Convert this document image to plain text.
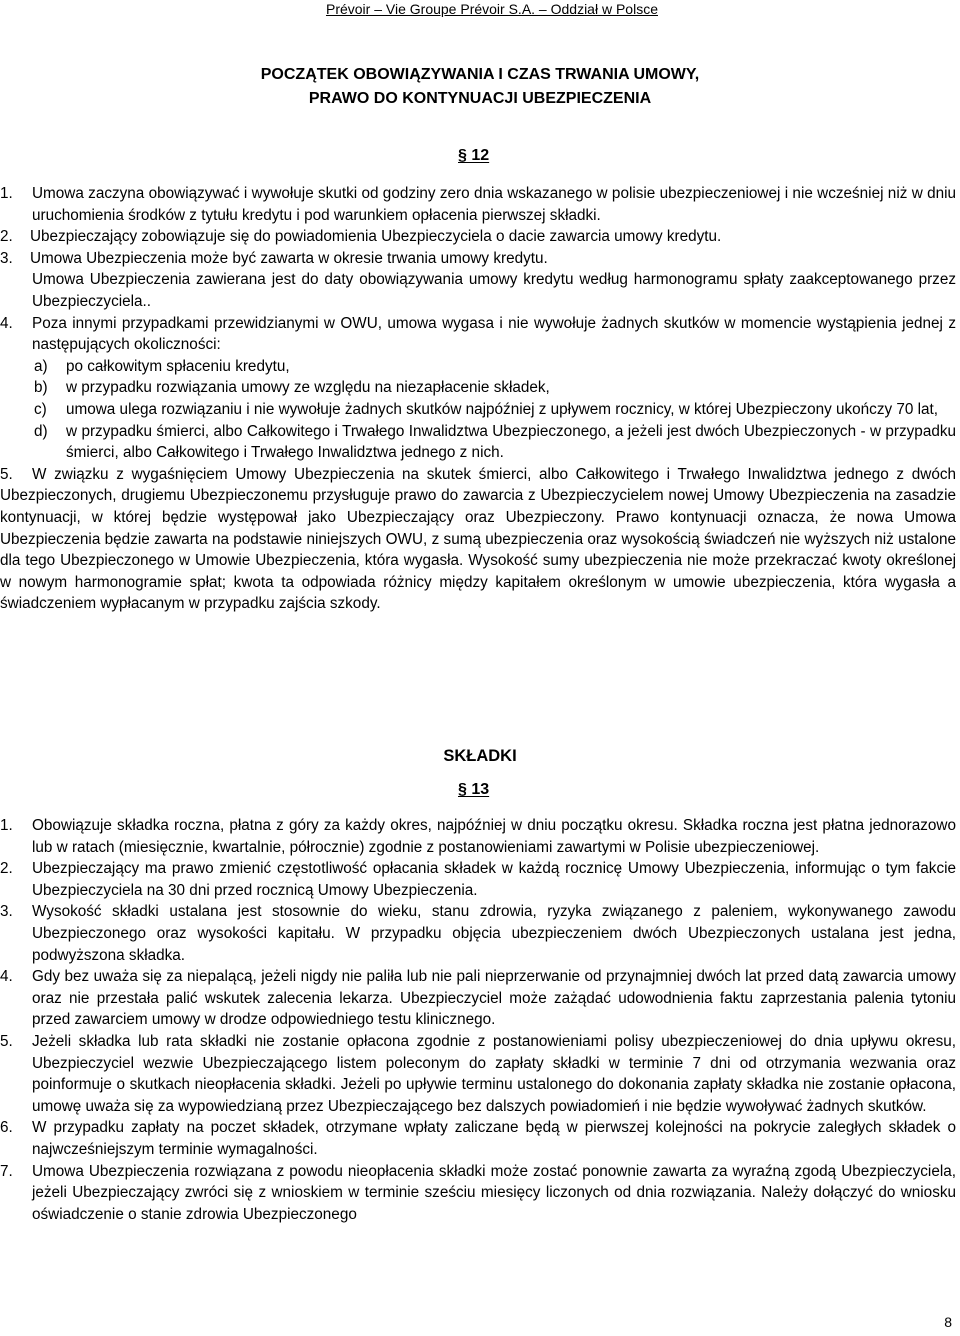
Prévoir – Vie Groupe Prévoir S.A. – Oddział w Polsce
POCZĄTEK OBOWIĄZYWANIA I CZAS TRWANIA UMOWY,
PRAWO DO KONTYNUACJI UBEZPIECZENIA
§ 12
1. Umowa zaczyna obowiązywać i wywołuje skutki od godziny zero dnia wskazanego w polisie ubezpieczeniowej i nie wcześniej niż w dniu uruchomienia środków z tytułu kredytu i pod warunkiem opłacenia pierwszej składki.
2. Ubezpieczający zobowiązuje się do powiadomienia Ubezpieczyciela o dacie zawarcia umowy kredytu.
3. Umowa Ubezpieczenia może być zawarta w okresie trwania umowy kredytu.
Umowa Ubezpieczenia zawierana jest do daty obowiązywania umowy kredytu według harmonogramu spłaty zaakceptowanego przez Ubezpieczyciela..
4. Poza innymi przypadkami przewidzianymi w OWU, umowa wygasa i nie wywołuje żadnych skutków w momencie wystąpienia jednej z następujących okoliczności:
a) po całkowitym spłaceniu kredytu,
b) w przypadku rozwiązania umowy ze względu na niezapłacenie składek,
c) umowa ulega rozwiązaniu i nie wywołuje żadnych skutków najpóźniej z upływem rocznicy, w której Ubezpieczony ukończy 70 lat,
d) w przypadku śmierci, albo Całkowitego i Trwałego Inwalidztwa Ubezpieczonego, a jeżeli jest dwóch Ubezpieczonych - w przypadku śmierci, albo Całkowitego i Trwałego Inwalidztwa jednego z nich.
5. W związku z wygaśnięciem Umowy Ubezpieczenia na skutek śmierci, albo Całkowitego i Trwałego Inwalidztwa jednego z dwóch Ubezpieczonych, drugiemu Ubezpieczonemu przysługuje prawo do zawarcia z Ubezpieczycielem nowej Umowy Ubezpieczenia na zasadzie kontynuacji, w której będzie występował jako Ubezpieczający oraz Ubezpieczony. Prawo kontynuacji oznacza, że nowa Umowa Ubezpieczenia będzie zawarta na podstawie niniejszych OWU, z sumą ubezpieczenia oraz wysokością świadczeń nie wyższych niż ustalone dla tego Ubezpieczonego w Umowie Ubezpieczenia, która wygasła. Wysokość sumy ubezpieczenia nie może przekraczać kwoty określonej w nowym harmonogramie spłat; kwota ta odpowiada różnicy między kapitałem określonym w umowie ubezpieczenia, która wygasła a świadczeniem wypłacanym w przypadku zajścia szkody.
SKŁADKI
§ 13
1. Obowiązuje składka roczna, płatna z góry za każdy okres, najpóźniej w dniu początku okresu. Składka roczna jest płatna jednorazowo lub w ratach (miesięcznie, kwartalnie, półrocznie) zgodnie z postanowieniami zawartymi w Polisie ubezpieczeniowej.
2. Ubezpieczający ma prawo zmienić częstotliwość opłacania składek w każdą rocznicę Umowy Ubezpieczenia, informując o tym fakcie Ubezpieczyciela na 30 dni przed rocznicą Umowy Ubezpieczenia.
3. Wysokość składki ustalana jest stosownie do wieku, stanu zdrowia, ryzyka związanego z paleniem, wykonywanego zawodu Ubezpieczonego oraz wysokości kapitału. W przypadku objęcia ubezpieczeniem dwóch Ubezpieczonych ustalana jest jedna, podwyższona składka.
4. Gdy bez uważa się za niepalącą, jeżeli nigdy nie paliła lub nie pali nieprzerwanie od przynajmniej dwóch lat przed datą zawarcia umowy oraz nie przestała palić wskutek zalecenia lekarza. Ubezpieczyciel może zażądać udowodnienia faktu zaprzestania palenia tytoniu przed zawarciem umowy w drodze odpowiedniego testu klinicznego.
5. Jeżeli składka lub rata składki nie zostanie opłacona zgodnie z postanowieniami polisy ubezpieczeniowej do dnia upływu okresu, Ubezpieczyciel wezwie Ubezpieczającego listem poleconym do zapłaty składki w terminie 7 dni od otrzymania wezwania oraz poinformuje o skutkach nieopłacenia składki. Jeżeli po upływie terminu ustalonego do dokonania zapłaty składka nie zostanie opłacona, umowę uważa się za wypowiedzianą przez Ubezpieczającego bez dalszych powiadomień i nie będzie wywoływać żadnych skutków.
6. W przypadku zapłaty na poczet składek, otrzymane wpłaty zaliczane będą w pierwszej kolejności na pokrycie zaległych składek o najwcześniejszym terminie wymagalności.
7. Umowa Ubezpieczenia rozwiązana z powodu nieopłacenia składki może zostać ponownie zawarta za wyraźną zgodą Ubezpieczyciela, jeżeli Ubezpieczający zwróci się z wnioskiem w terminie sześciu miesięcy liczonych od dnia rozwiązania. Należy dołączyć do wniosku oświadczenie o stanie zdrowia Ubezpieczonego
8
